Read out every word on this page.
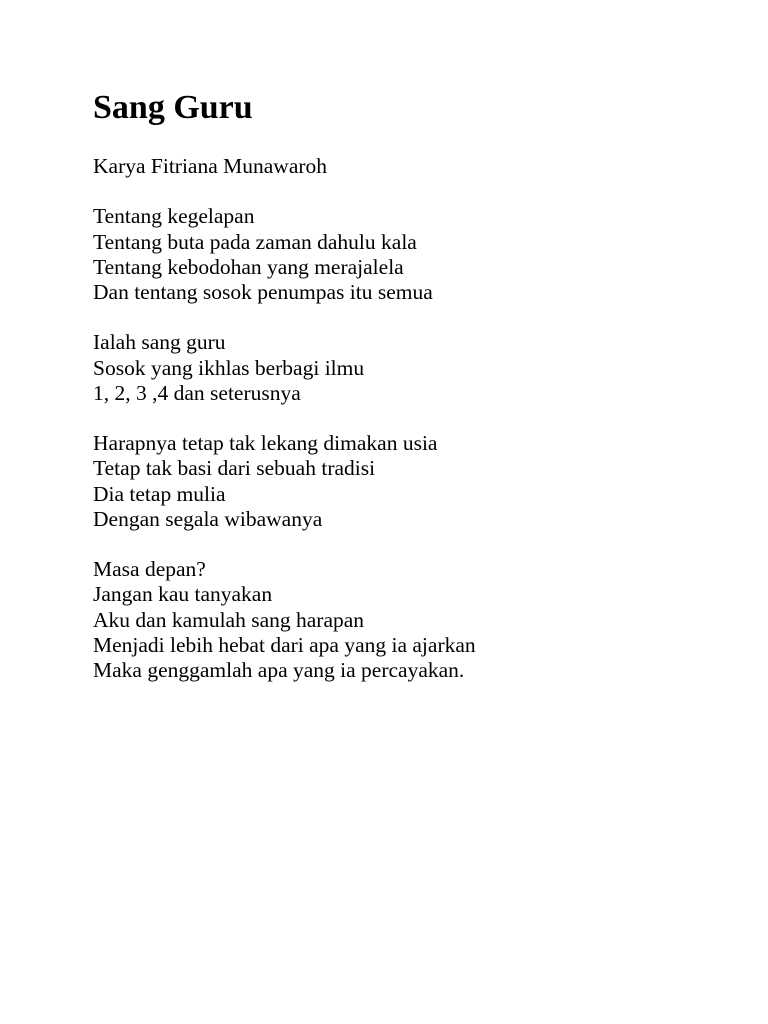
Sang Guru

Karya Fitriana Munawaroh

Tentang kegelapan
Tentang buta pada zaman dahulu kala
Tentang kebodohan yang merajalela
Dan tentang sosok penumpas itu semua
Ialah sang guru
Sosok yang ikhlas berbagi ilmu
1, 2, 3 ,4 dan seterusnya
Harapnya tetap tak lekang dimakan usia
Tetap tak basi dari sebuah tradisi
Dia tetap mulia
Dengan segala wibawanya
Masa depan?
Jangan kau tanyakan
Aku dan kamulah sang harapan
Menjadi lebih hebat dari apa yang ia ajarkan
Maka genggamlah apa yang ia percayakan.
